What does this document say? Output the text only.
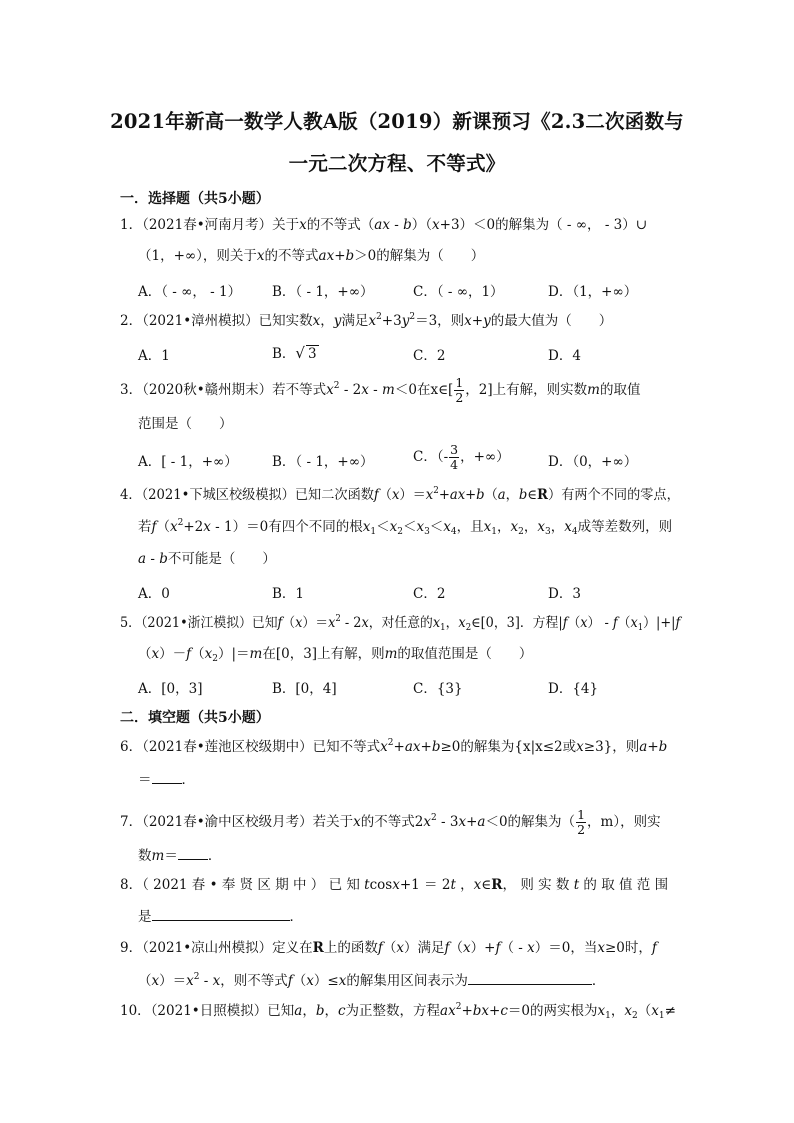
2021年新高一数学人教A版（2019）新课预习《2.3二次函数与
一元二次方程、不等式》
一．选择题（共5小题）
1．（2021春•河南月考）关于x的不等式（ax - b）（x+3）＜0的解集为（ - ∞， - 3）∪
（1，+∞），则关于x的不等式ax+b＞0的解集为（　　）
A．（ - ∞， - 1） B．（ - 1，+∞）	C．（ - ∞，1）	D．（1，+∞）
2．（2021•漳州模拟）已知实数x，y满足$x^2+3y^2=3$，则x+y的最大值为（　　）
A．1	B．√ 3	C．2	D．4
3．（2020秋•赣州期末）若不等式$x^2 - 2x - m<0$在x∈[ $\frac{1}{2}$ ，2]上有解，则实数m的取值
范围是（　　）
A．[ - 1，+∞）	B．（ - 1，+∞）	C．（- $\frac{3}{4}$ ，+∞）	D．（0，+∞）
4．（2021•下城区校级模拟）已知二次函数$f(x)=x^2+ax+b(a$，b∈R）有两个不同的零点，
若$f(x^2+2x - 1)=0$有四个不同的根$x_1<x_2<x_3<x_4$，且$x_1$，$x_2$，$x_3$，$x_4$成等差数列，则
a - b不可能是（　　）
A．0	B．1	C．2	D．3
5．（2021•浙江模拟）已知$f(x)=x^2 - 2x$，对任意的$x_1$，$x_2\in[0$，3]．方程$|f(x) - f(x_1)|+|f$
$(x)-f(x_2)|=m$在[0，3]上有解，则m的取值范围是（　　）
A．[0，3]	B．[0，4]	C．{3}	D．{4}
二．填空题（共5小题）
6．（2021春•莲池区校级期中）已知不等式$x^2+ax+b\ge 0$的解集为{x|x≤2或x≥3}，则a+b
＝ ．
7．（2021春•渝中区校级月考）若关于x的不等式$2x^2 - 3x+a<0$的解集为（ $\frac{1}{2}$ ，m），则实
数m＝ ．
8．（ 2021 春 • 奉 贤 区 期 中 ） 已 知 tcosx+1 ＝ 2t ，x∈R， 则 实 数 t 的 取 值 范 围
是	．
9．（2021•凉山州模拟）定义在R上的函数f（x）满足f（x）+f（ - x）＝0，当x≥0时，f
$(x)=x^2 - x$，则不等式f（x）≤x的解集用区间表示为	．
10．（2021•日照模拟）已知a，b，c为正整数，方程$ax^2+bx+c=0$的两实根为$x_1$，$x_2(x_1\ne$
